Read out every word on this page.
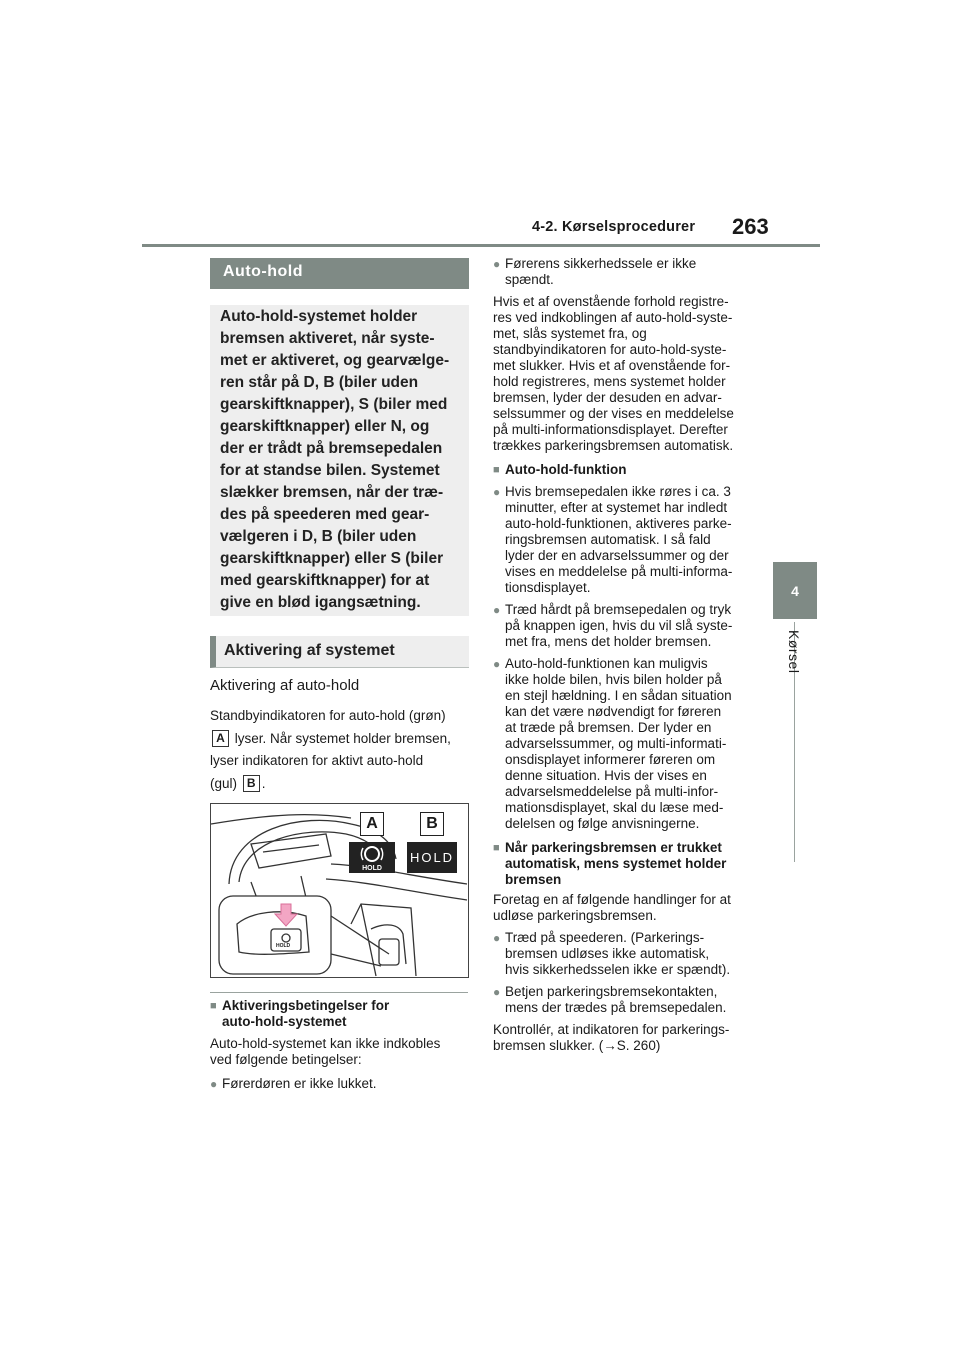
4-2. Kørselsprocedurer 263
4
Kørsel
Auto-hold
Auto-hold-systemet holder
bremsen aktiveret, når syste-
met er aktiveret, og gearvælge-
ren står på D, B (biler uden
gearskiftknapper), S (biler med
gearskiftknapper) eller N, og
der er trådt på bremsepedalen
for at standse bilen. Systemet
slækker bremsen, når der træ-
des på speederen med gear-
vælgeren i D, B (biler uden
gearskiftknapper) eller S (biler
med gearskiftknapper) for at
give en blød igangsætning.
Aktivering af systemet
Aktivering af auto-hold
Standbyindikatoren for auto-hold (grøn)
A lyser. Når systemet holder bremsen,
lyser indikatoren for aktivt auto-hold
(gul) B .
A	B
HOLD
HOLD
HOLD
■ Aktiveringsbetingelser for
auto-hold-systemet
Auto-hold-systemet kan ikke indkobles
ved følgende betingelser:
● Førerdøren er ikke lukket.
● Førerens sikkerhedssele er ikke
spændt.
Hvis et af ovenstående forhold registre-
res ved indkoblingen af auto-hold-syste-
met, slås systemet fra, og
standbyindikatoren for auto-hold-syste-
met slukker. Hvis et af ovenstående for-
hold registreres, mens systemet holder
bremsen, lyder der desuden en advar-
selssummer og der vises en meddelelse
på multi-informationsdisplayet. Derefter
trækkes parkeringsbremsen automatisk.
■ Auto-hold-funktion
● Hvis bremsepedalen ikke røres i ca. 3
minutter, efter at systemet har indledt
auto-hold-funktionen, aktiveres parke-
ringsbremsen automatisk. I så fald
lyder der en advarselssummer og der
vises en meddelelse på multi-informa-
tionsdisplayet.
● Træd hårdt på bremsepedalen og tryk
på knappen igen, hvis du vil slå syste-
met fra, mens det holder bremsen.
● Auto-hold-funktionen kan muligvis
ikke holde bilen, hvis bilen holder på
en stejl hældning. I en sådan situation
kan det være nødvendigt for føreren
at træde på bremsen. Der lyder en
advarselssummer, og multi-informati-
onsdisplayet informerer føreren om
denne situation. Hvis der vises en
advarselsmeddelelse på multi-infor-
mationsdisplayet, skal du læse med-
delelsen og følge anvisningerne.
■ Når parkeringsbremsen er trukket
automatisk, mens systemet holder
bremsen
Foretag en af følgende handlinger for at
udløse parkeringsbremsen.
● Træd på speederen. (Parkerings-
bremsen udløses ikke automatisk,
hvis sikkerhedsselen ikke er spændt).
● Betjen parkeringsbremsekontakten,
mens der trædes på bremsepedalen.
Kontrollér, at indikatoren for parkerings-
bremsen slukker. (→S. 260)
